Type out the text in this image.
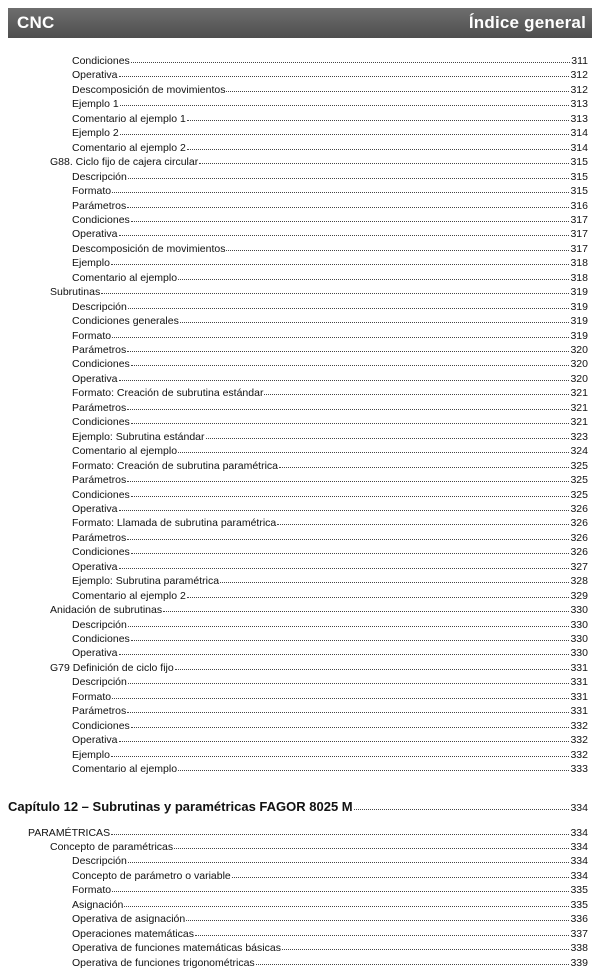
CNC	Índice general
Condiciones	311
Operativa	312
Descomposición de movimientos	312
Ejemplo 1	313
Comentario al ejemplo 1	313
Ejemplo 2	314
Comentario al ejemplo 2	314
G88. Ciclo fijo de cajera circular	315
Descripción	315
Formato	315
Parámetros	316
Condiciones	317
Operativa	317
Descomposición de movimientos	317
Ejemplo	318
Comentario al ejemplo	318
Subrutinas	319
Descripción	319
Condiciones generales	319
Formato	319
Parámetros	320
Condiciones	320
Operativa	320
Formato: Creación de subrutina estándar	321
Parámetros	321
Condiciones	321
Ejemplo: Subrutina estándar	323
Comentario al ejemplo	324
Formato: Creación de subrutina paramétrica	325
Parámetros	325
Condiciones	325
Operativa	326
Formato: Llamada de subrutina paramétrica	326
Parámetros	326
Condiciones	326
Operativa	327
Ejemplo: Subrutina paramétrica	328
Comentario al ejemplo 2	329
Anidación de subrutinas	330
Descripción	330
Condiciones	330
Operativa	330
G79 Definición de ciclo fijo	331
Descripción	331
Formato	331
Parámetros	331
Condiciones	332
Operativa	332
Ejemplo	332
Comentario al ejemplo	333
Capítulo 12 – Subrutinas y paramétricas FAGOR 8025 M	334
PARAMÉTRICAS	334
Concepto de paramétricas	334
Descripción	334
Concepto de parámetro o variable	334
Formato	335
Asignación	335
Operativa de asignación	336
Operaciones matemáticas	337
Operativa de funciones matemáticas básicas	338
Operativa de funciones trigonométricas	339
